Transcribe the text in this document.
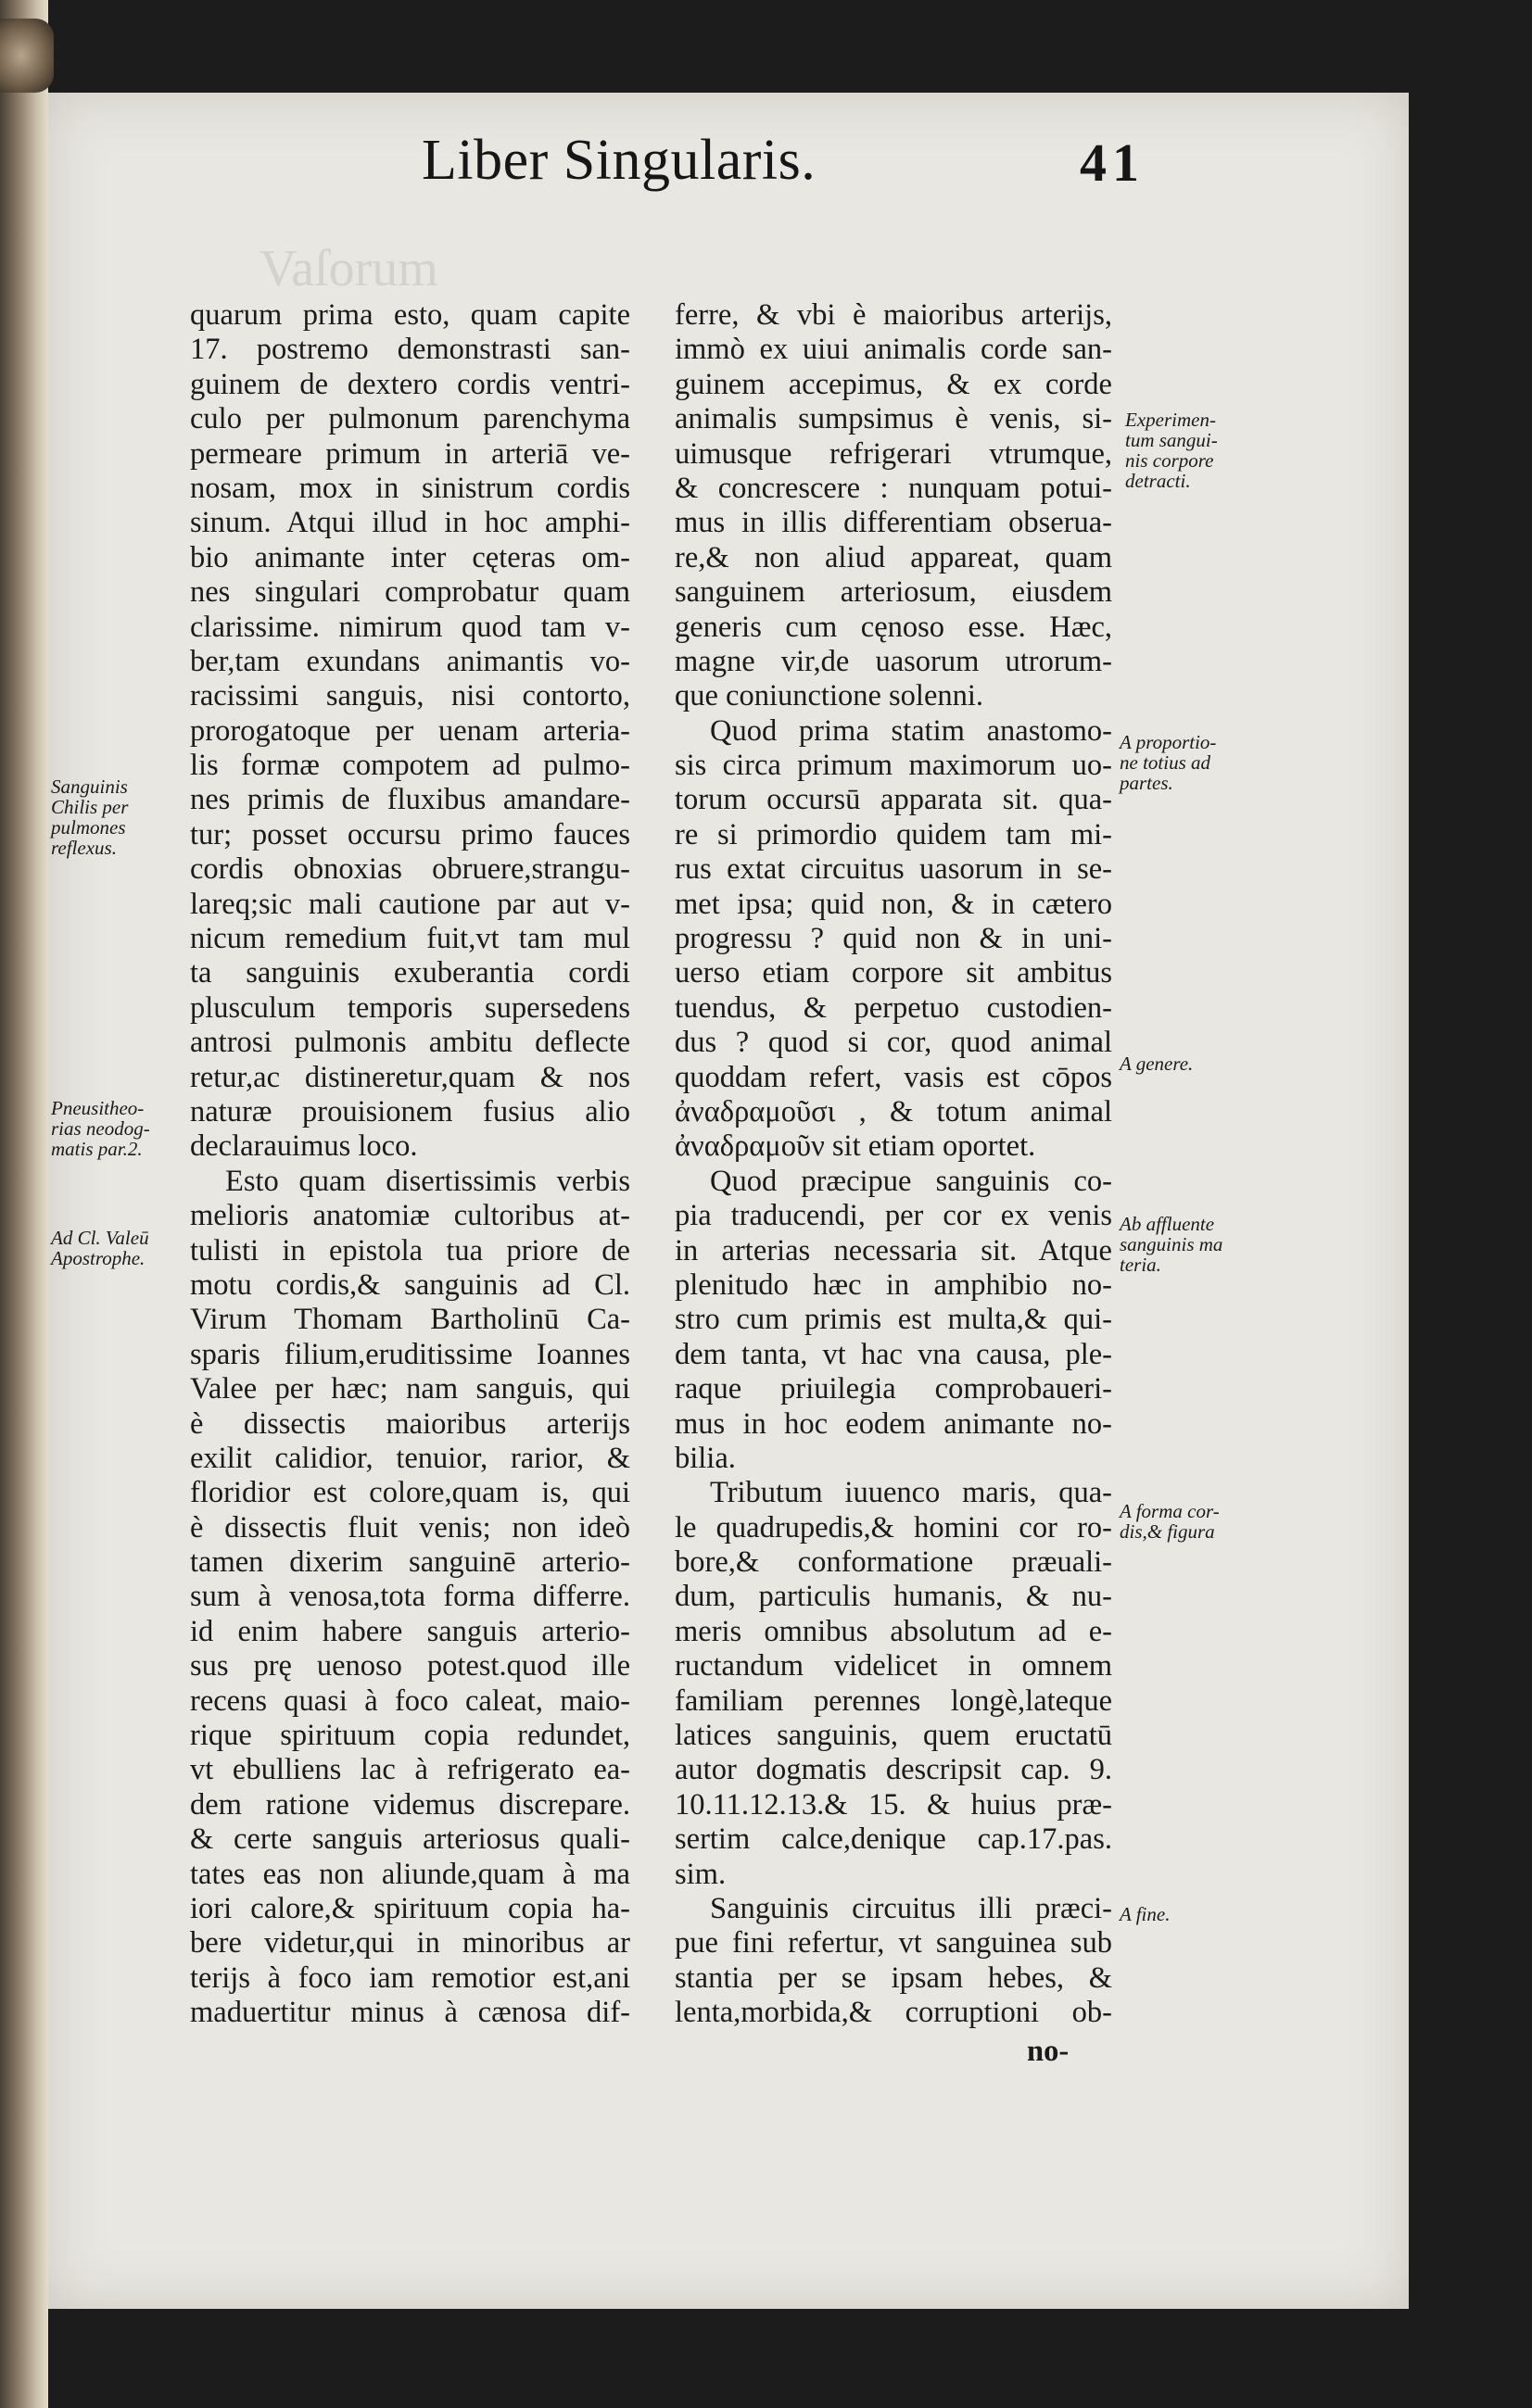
Vaſorum
Liber Singularis.	41
quarum prima esto, quam capite
17. postremo demonstrasti san-
guinem de dextero cordis ventri-
culo per pulmonum parenchyma
permeare primum in arteriā ve-
nosam, mox in sinistrum cordis
sinum. Atqui illud in hoc amphi-
bio animante inter cęteras om-
nes singulari comprobatur quam
clarissime. nimirum quod tam v-
ber,tam exundans animantis vo-
racissimi sanguis, nisi contorto,
prorogatoque per uenam arteria-
lis formæ compotem ad pulmo-
nes primis de fluxibus amandare-
tur; posset occursu primo fauces
cordis obnoxias obruere,strangu-
lareq;sic mali cautione par aut v-
nicum remedium fuit,vt tam mul
ta sanguinis exuberantia cordi
plusculum temporis supersedens
antrosi pulmonis ambitu deflecte
retur,ac distineretur,quam & nos
naturæ prouisionem fusius alio
declarauimus loco.
Esto quam disertissimis verbis
melioris anatomiæ cultoribus at-
tulisti in epistola tua priore de
motu cordis,& sanguinis ad Cl.
Virum Thomam Bartholinū Ca-
sparis filium,eruditissime Ioannes
Valee per hæc; nam sanguis, qui
è dissectis maioribus arterijs
exilit calidior, tenuior, rarior, &
floridior est colore,quam is, qui
è dissectis fluit venis; non ideò
tamen dixerim sanguinē arterio-
sum à venosa,tota forma differre.
id enim habere sanguis arterio-
sus prę uenoso potest.quod ille
recens quasi à foco caleat, maio-
rique spirituum copia redundet,
vt ebulliens lac à refrigerato ea-
dem ratione videmus discrepare.
& certe sanguis arteriosus quali-
tates eas non aliunde,quam à ma
iori calore,& spirituum copia ha-
bere videtur,qui in minoribus ar
terijs à foco iam remotior est,ani
maduertitur minus à cænosa dif-
ferre, & vbi è maioribus arterijs,
immò ex uiui animalis corde san-
guinem accepimus, & ex corde
animalis sumpsimus è venis, si-
uimusque refrigerari vtrumque,
& concrescere : nunquam potui-
mus in illis differentiam obserua-
re,& non aliud appareat, quam
sanguinem arteriosum, eiusdem
generis cum cęnoso esse. Hæc,
magne vir,de uasorum utrorum-
que coniunctione solenni.
Quod prima statim anastomo-
sis circa primum maximorum uo-
torum occursū apparata sit. qua-
re si primordio quidem tam mi-
rus extat circuitus uasorum in se-
met ipsa; quid non, & in cætero
progressu ? quid non & in uni-
uerso etiam corpore sit ambitus
tuendus, & perpetuo custodien-
dus ? quod si cor, quod animal
quoddam refert, vasis est cōpos
ἀναδραμοῦσι , & totum animal
ἀναδραμοῦν sit etiam oportet.
Quod præcipue sanguinis co-
pia traducendi, per cor ex venis
in arterias necessaria sit. Atque
plenitudo hæc in amphibio no-
stro cum primis est multa,& qui-
dem tanta, vt hac vna causa, ple-
raque priuilegia comprobaueri-
mus in hoc eodem animante no-
bilia.
Tributum iuuenco maris, qua-
le quadrupedis,& homini cor ro-
bore,& conformatione præuali-
dum, particulis humanis, & nu-
meris omnibus absolutum ad e-
ructandum videlicet in omnem
familiam perennes longè,lateque
latices sanguinis, quem eructatū
autor dogmatis descripsit cap. 9.
10.11.12.13.& 15. & huius præ-
sertim calce,denique cap.17.pas.
sim.
Sanguinis circuitus illi præci-
pue fini refertur, vt sanguinea sub
stantia per se ipsam hebes, &
lenta,morbida,& corruptioni ob-
Sanguinis
Chilis per
pulmones
reflexus.
Pneusitheo-
rias neodog-
matis par.2.
Ad Cl. Valeū
Apostrophe.
Experimen-
tum sangui-
nis corpore
detracti.
A proportio-
ne totius ad
partes.
A genere.
Ab affluente
sanguinis ma
teria.
A forma cor-
dis,& figura
A fine.
no-
